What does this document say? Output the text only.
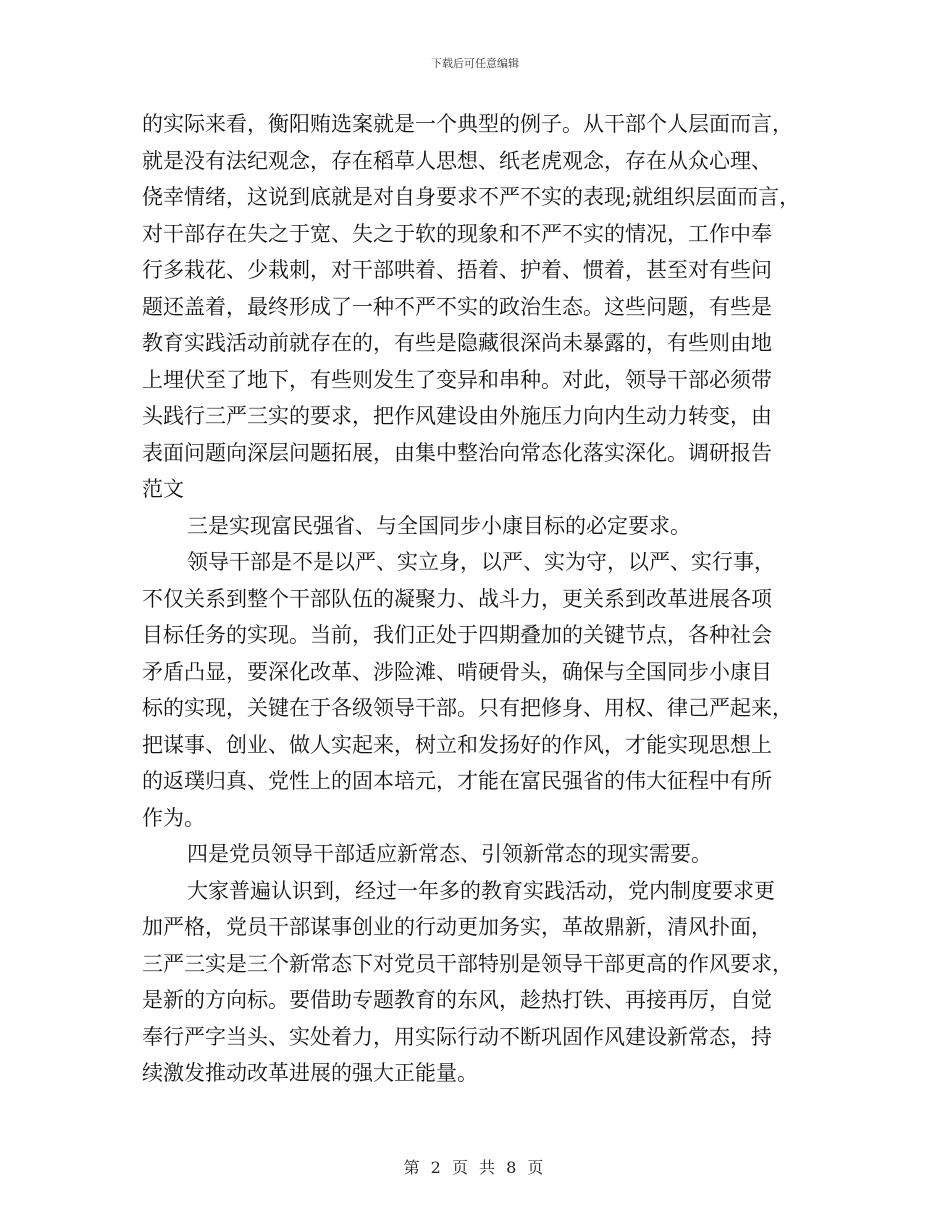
下载后可任意编辑
的实际来看，衡阳贿选案就是一个典型的例子。从干部个人层面而言，
就是没有法纪观念，存在稻草人思想、纸老虎观念，存在从众心理、
侥幸情绪，这说到底就是对自身要求不严不实的表现;就组织层面而言，
对干部存在失之于宽、失之于软的现象和不严不实的情况，工作中奉
行多栽花、少栽刺，对干部哄着、捂着、护着、惯着，甚至对有些问
题还盖着，最终形成了一种不严不实的政治生态。这些问题，有些是
教育实践活动前就存在的，有些是隐藏很深尚未暴露的，有些则由地
上埋伏至了地下，有些则发生了变异和串种。对此，领导干部必须带
头践行三严三实的要求，把作风建设由外施压力向内生动力转变，由
表面问题向深层问题拓展，由集中整治向常态化落实深化。调研报告
范文
三是实现富民强省、与全国同步小康目标的必定要求。
领导干部是不是以严、实立身，以严、实为守，以严、实行事，
不仅关系到整个干部队伍的凝聚力、战斗力，更关系到改革进展各项
目标任务的实现。当前，我们正处于四期叠加的关键节点，各种社会
矛盾凸显，要深化改革、涉险滩、啃硬骨头，确保与全国同步小康目
标的实现，关键在于各级领导干部。只有把修身、用权、律己严起来，
把谋事、创业、做人实起来，树立和发扬好的作风，才能实现思想上
的返璞归真、党性上的固本培元，才能在富民强省的伟大征程中有所
作为。
四是党员领导干部适应新常态、引领新常态的现实需要。
大家普遍认识到，经过一年多的教育实践活动，党内制度要求更
加严格，党员干部谋事创业的行动更加务实，革故鼎新，清风扑面，
三严三实是三个新常态下对党员干部特别是领导干部更高的作风要求，
是新的方向标。要借助专题教育的东风，趁热打铁、再接再厉，自觉
奉行严字当头、实处着力，用实际行动不断巩固作风建设新常态，持
续激发推动改革进展的强大正能量。
第 2 页 共 8 页
